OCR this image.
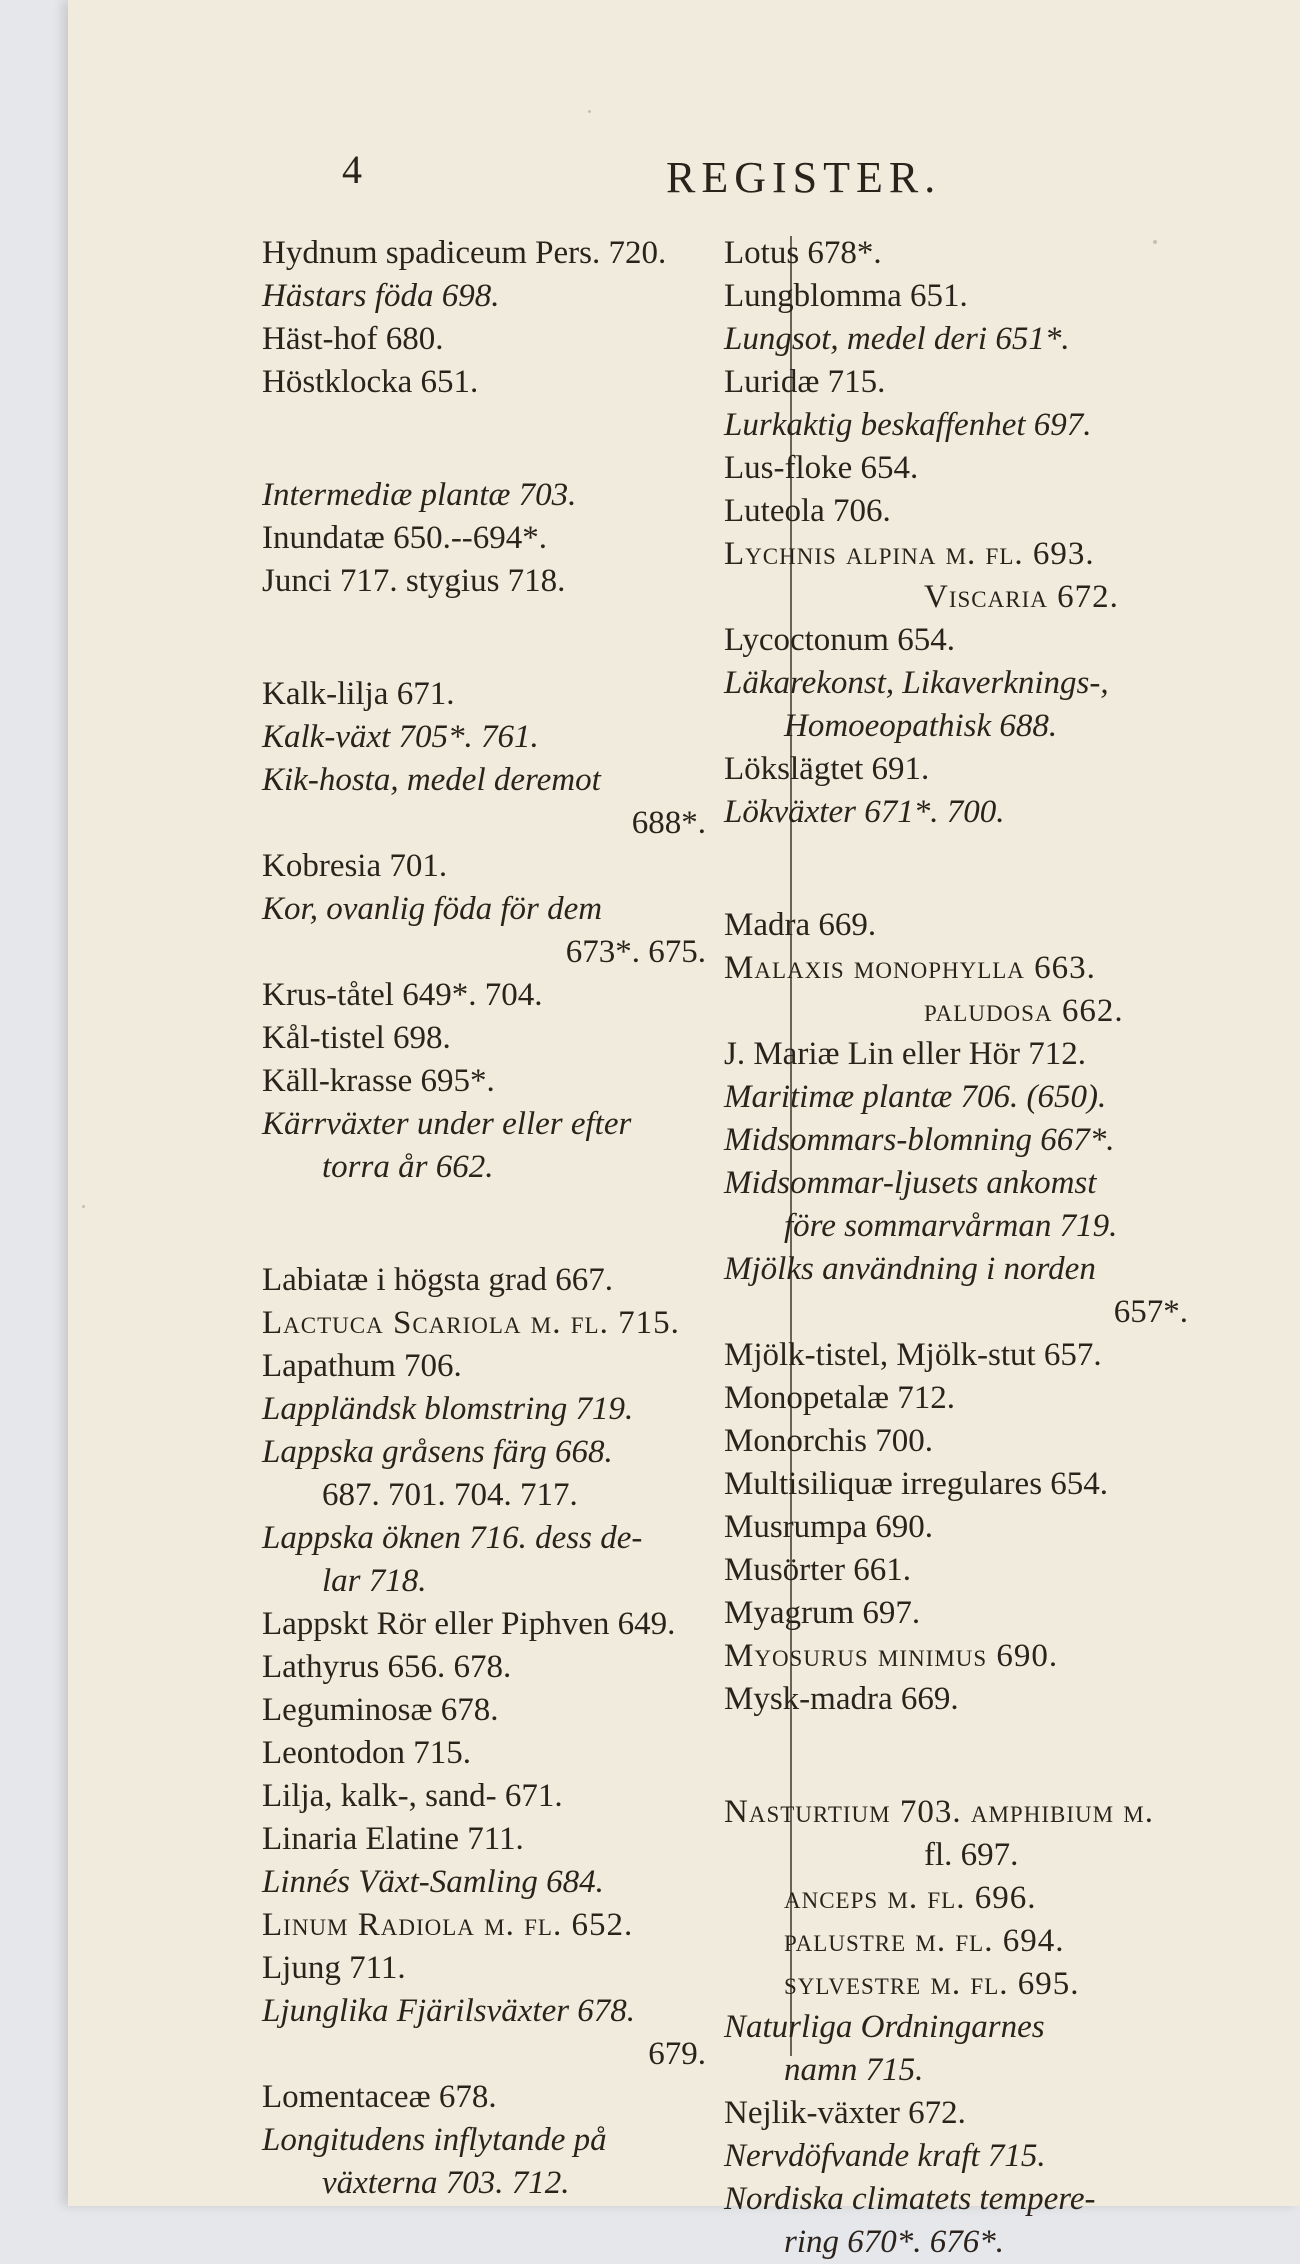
4	REGISTER.
Hydnum spadiceum Pers. 720.
Hästars föda 698.
Häst-hof 680.
Höstklocka 651.
Intermediæ plantæ 703.
Inundatæ 650.--694*.
Junci 717. stygius 718.
Kalk-lilja 671.
Kalk-växt 705*. 761.
Kik-hosta, medel deremot
688*.
Kobresia 701.
Kor, ovanlig föda för dem
673*. 675.
Krus-tåtel 649*. 704.
Kål-tistel 698.
Käll-krasse 695*.
Kärrväxter under eller efter
torra år 662.
Labiatæ i högsta grad 667.
Lactuca Scariola m. fl. 715.
Lapathum 706.
Lappländsk blomstring 719.
Lappska gråsens färg 668.
687. 701. 704. 717.
Lappska öknen 716. dess de-
lar 718.
Lappskt Rör eller Piphven 649.
Lathyrus 656. 678.
Leguminosæ 678.
Leontodon 715.
Lilja, kalk-, sand- 671.
Linaria Elatine 711.
Linnés Växt-Samling 684.
Linum Radiola m. fl. 652.
Ljung 711.
Ljunglika Fjärilsväxter 678.
679.
Lomentaceæ 678.
Longitudens inflytande på
växterna 703. 712.
Lotus 678*.
Lungblomma 651.
Lungsot, medel deri 651*.
Luridæ 715.
Lurkaktig beskaffenhet 697.
Lus-floke 654.
Luteola 706.
Lychnis alpina m. fl. 693.
Viscaria 672.
Lycoctonum 654.
Läkarekonst, Likaverknings-,
Homoeopathisk 688.
Lökslägtet 691.
Lökväxter 671*. 700.
Madra 669.
Malaxis monophylla 663.
paludosa 662.
J. Mariæ Lin eller Hör 712.
Maritimæ plantæ 706. (650).
Midsommars-blomning 667*.
Midsommar-ljusets ankomst
före sommarvårman 719.
Mjölks användning i norden
657*.
Mjölk-tistel, Mjölk-stut 657.
Monopetalæ 712.
Monorchis 700.
Multisiliquæ irregulares 654.
Musrumpa 690.
Musörter 661.
Myagrum 697.
Myosurus minimus 690.
Mysk-madra 669.
Nasturtium 703. amphibium m.
fl. 697.
anceps m. fl. 696.
palustre m. fl. 694.
sylvestre m. fl. 695.
Naturliga Ordningarnes
namn 715.
Nejlik-växter 672.
Nervdöfvande kraft 715.
Nordiska climatets tempere-
ring 670*. 676*.
